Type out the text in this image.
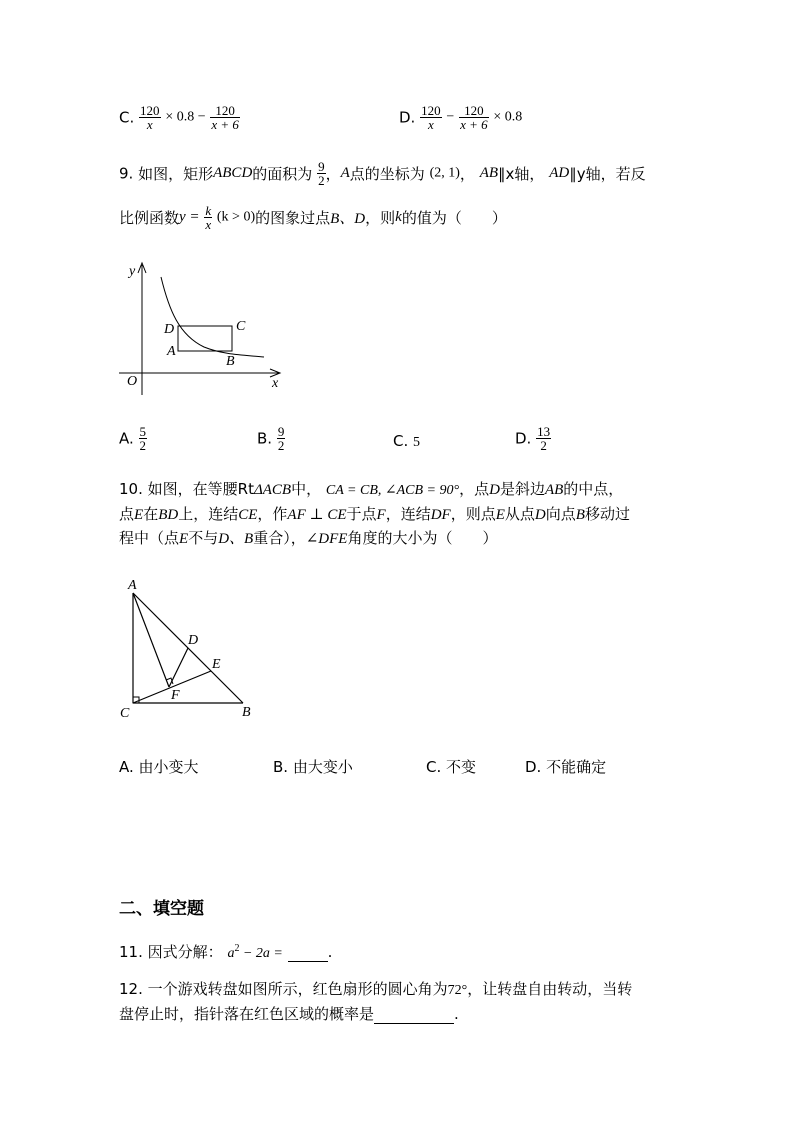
C. $\frac{120}{x} \times 0.8 - \frac{120}{x + 6}$	D. $\frac{120}{x} - \frac{120}{x + 6} \times 0.8$
9. 如图，矩形ABCD的面积为 $\frac{9}{2}$ ，A点的坐标为 (2, 1)， AB∥x轴， AD∥y轴，若反
比例函数$y = \frac{k}{x} (k > 0)$的图象过点B、D，则k的值为（　　）
y
x
O
D	C
A
B
A. $\frac{5}{2}$	B. $\frac{9}{2}$	C. 5	D. $\frac{13}{2}$
10. 如图，在等腰RtΔACB中， CA = CB, ∠ACB = 90°，点D是斜边AB的中点，
点E在BD上，连结CE，作AF ⊥ CE于点F，连结DF，则点E从点D向点B移动过
程中（点E不与D、B重合），∠DFE角度的大小为（　　）
A
D
E
F
C	B
A. 由小变大	B. 由大变小	C. 不变	D. 不能确定
二、填空题
11. 因式分解： $a^2 - 2a$ =	.
12. 一个游戏转盘如图所示，红色扇形的圆心角为72°，让转盘自由转动，当转
盘停止时，指针落在红色区域的概率是	.
